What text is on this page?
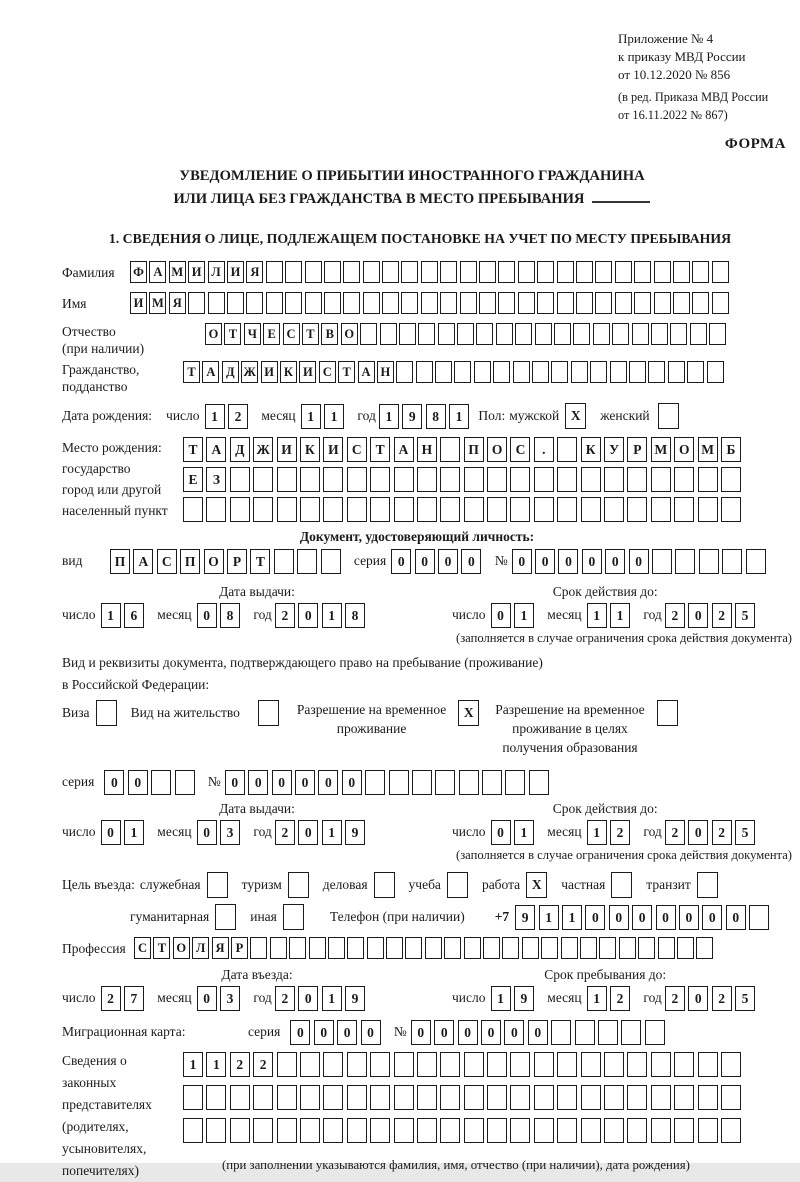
Приложение № 4
к приказу МВД России
от 10.12.2020 № 856
(в ред. Приказа МВД России
от 16.11.2022 № 867)
ФОРМА
УВЕДОМЛЕНИЕ О ПРИБЫТИИ ИНОСТРАННОГО ГРАЖДАНИНА
ИЛИ ЛИЦА БЕЗ ГРАЖДАНСТВА В МЕСТО ПРЕБЫВАНИЯ
1. СВЕДЕНИЯ О ЛИЦЕ, ПОДЛЕЖАЩЕМ ПОСТАНОВКЕ НА УЧЕТ ПО МЕСТУ ПРЕБЫВАНИЯ
Фамилия	Ф А М И Л И Я
Имя	И М Я
Отчество
(при наличии)
О Т Ч Е С Т В О
Гражданство,
подданство
Т А Д Ж И К И С Т А Н
Дата рождения: число 1	2	месяц 1	1	год 1	9	8	1	Пол: мужской X	женский
Место рождения:
государство
город или другой
населенный пункт
Т	А	Д Ж И К И С	Т	А Н	П О С	.	К	У	Р М О М Б

Е	З

Документ, удостоверяющий личность:
вид	П А	С П О	Р	Т	серия 0	0	0	0	№ 0	0	0	0	0	0
Дата выдачи:
число 1	6	месяц 0	8	год 2	0	1	8
Срок действия до:
число 0	1	месяц 1	1	год 2	0	2	5
(заполняется в случае ограничения срока действия документа)
Вид и реквизиты документа, подтверждающего право на пребывание (проживание)
в Российской Федерации:
Виза	Вид на жительство	Разрешение на временное
проживание
X	Разрешение на временное
проживание в целях
получения образования
серия	0	0	№ 0	0	0	0	0	0
Дата выдачи:
число 0	1	месяц 0	3	год 2	0	1	9
Срок действия до:
число 0	1	месяц 1	2	год 2	0	2	5
(заполняется в случае ограничения срока действия документа)
Цель въезда: служебная	туризм	деловая	учеба	работа X	частная	транзит
гуманитарная	иная	Телефон (при наличии) +7 9	1	1	0	0	0	0	0	0	0
Профессия С Т О Л Я Р
Дата въезда:
число 2	7	месяц 0	3	год 2	0	1	9
Срок пребывания до:
число 1	9	месяц 1	2	год 2	0	2	5
Миграционная карта:	серия	0	0	0	0	№ 0	0	0	0	0	0
Сведения о
законных
представителях
(родителях,
усыновителях,
попечителях)
1	1	2	2

(при заполнении указываются фамилия, имя, отчество (при наличии), дата рождения)
